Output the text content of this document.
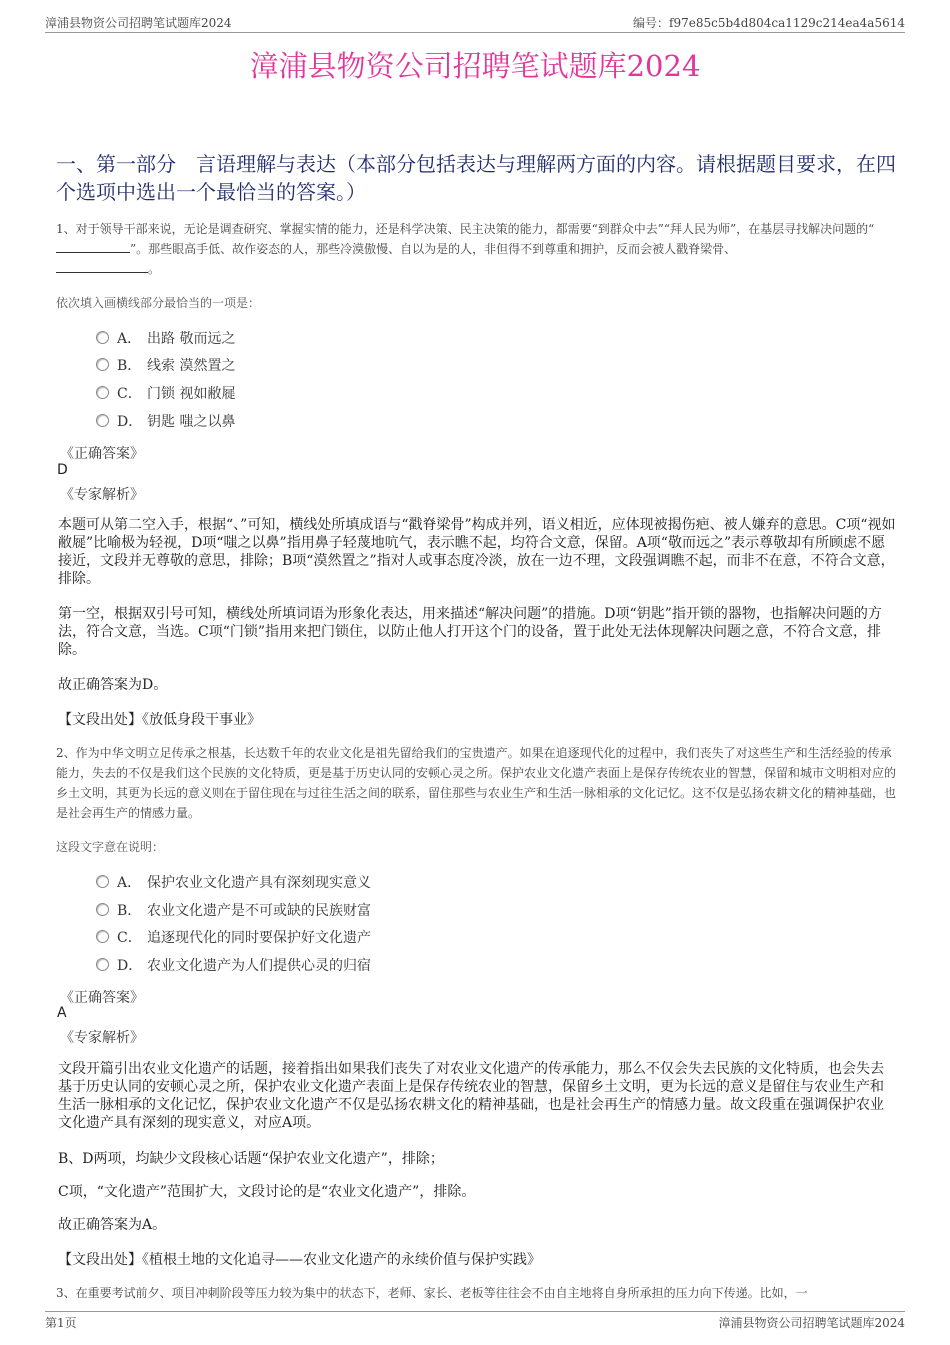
漳浦县物资公司招聘笔试题库2024	编号：f97e85c5b4d804ca1129c214ea4a5614
漳浦县物资公司招聘笔试题库2024
一、第一部分　言语理解与表达（本部分包括表达与理解两方面的内容。请根据题目要求，在四个选项中选出一个最恰当的答案。）
1、对于领导干部来说，无论是调查研究、掌握实情的能力，还是科学决策、民主决策的能力，都需要“到群众中去”“拜人民为师”，在基层寻找解决问题的“”。那些眼高手低、故作姿态的人，那些冷漠傲慢、自以为是的人，非但得不到尊重和拥护，反而会被人戳脊梁骨、
。
依次填入画横线部分最恰当的一项是：
A． 出路 敬而远之
B． 线索 漠然置之
C． 门锁 视如敝屣
D． 钥匙 嗤之以鼻
《正确答案》
D
《专家解析》
本题可从第二空入手，根据“、”可知，横线处所填成语与“戳脊梁骨”构成并列，语义相近，应体现被揭伤疤、被人嫌弃的意思。C项“视如敝屣”比喻极为轻视，D项“嗤之以鼻”指用鼻子轻蔑地吭气，表示瞧不起，均符合文意，保留。A项“敬而远之”表示尊敬却有所顾虑不愿接近，文段并无尊敬的意思，排除；B项“漠然置之”指对人或事态度冷淡，放在一边不理，文段强调瞧不起，而非不在意，不符合文意，排除。
第一空，根据双引号可知，横线处所填词语为形象化表达，用来描述“解决问题”的措施。D项“钥匙”指开锁的器物，也指解决问题的方法，符合文意，当选。C项“门锁”指用来把门锁住，以防止他人打开这个门的设备，置于此处无法体现解决问题之意，不符合文意，排除。
故正确答案为D。
【文段出处】《放低身段干事业》
2、作为中华文明立足传承之根基，长达数千年的农业文化是祖先留给我们的宝贵遗产。如果在追逐现代化的过程中，我们丧失了对这些生产和生活经验的传承能力，失去的不仅是我们这个民族的文化特质，更是基于历史认同的安顿心灵之所。保护农业文化遗产表面上是保存传统农业的智慧，保留和城市文明相对应的乡土文明，其更为长远的意义则在于留住现在与过往生活之间的联系，留住那些与农业生产和生活一脉相承的文化记忆。这不仅是弘扬农耕文化的精神基础，也是社会再生产的情感力量。
这段文字意在说明：
A． 保护农业文化遗产具有深刻现实意义
B． 农业文化遗产是不可或缺的民族财富
C． 追逐现代化的同时要保护好文化遗产
D． 农业文化遗产为人们提供心灵的归宿
《正确答案》
A
《专家解析》
文段开篇引出农业文化遗产的话题，接着指出如果我们丧失了对农业文化遗产的传承能力，那么不仅会失去民族的文化特质，也会失去基于历史认同的安顿心灵之所，保护农业文化遗产表面上是保存传统农业的智慧，保留乡土文明，更为长远的意义是留住与农业生产和生活一脉相承的文化记忆，保护农业文化遗产不仅是弘扬农耕文化的精神基础，也是社会再生产的情感力量。故文段重在强调保护农业文化遗产具有深刻的现实意义，对应A项。
B、D两项，均缺少文段核心话题“保护农业文化遗产”，排除；
C项，“文化遗产”范围扩大，文段讨论的是“农业文化遗产”，排除。
故正确答案为A。
【文段出处】《植根土地的文化追寻——农业文化遗产的永续价值与保护实践》
3、在重要考试前夕、项目冲刺阶段等压力较为集中的状态下，老师、家长、老板等往往会不由自主地将自身所承担的压力向下传递。比如，一
第1页	漳浦县物资公司招聘笔试题库2024
